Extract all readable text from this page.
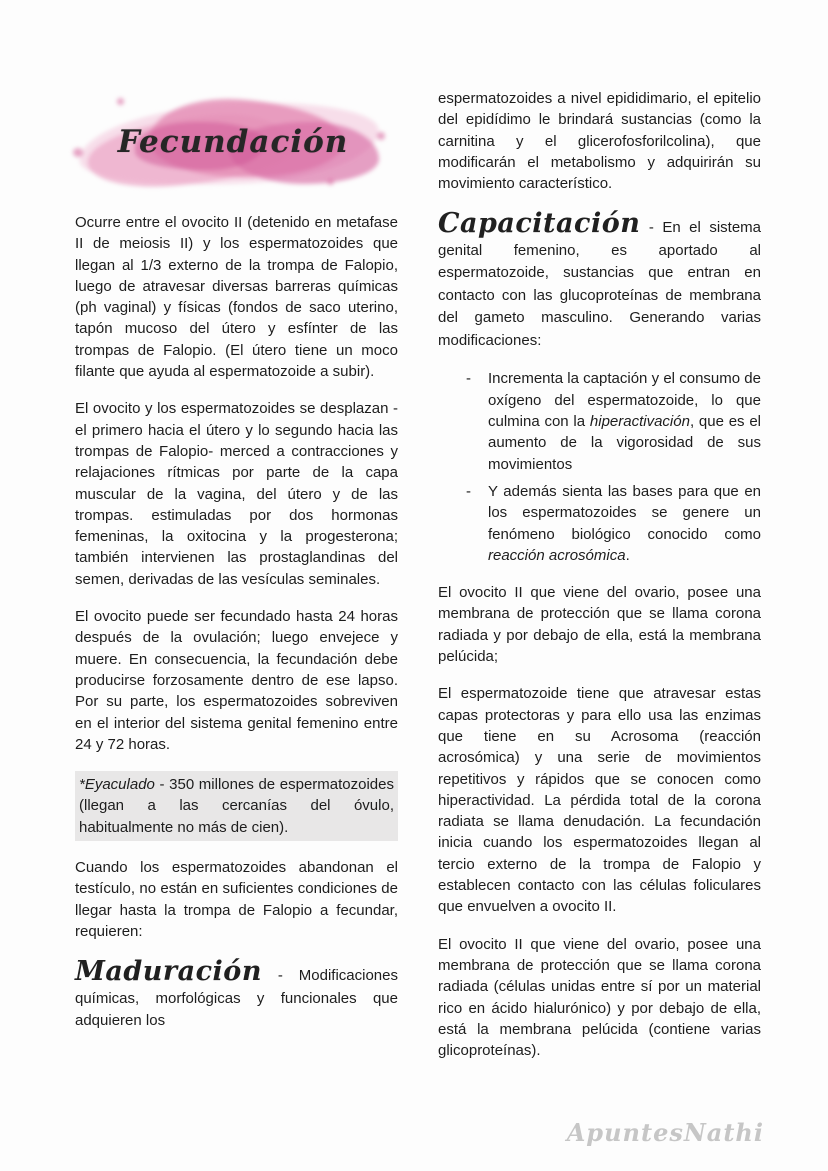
Fecundación

Ocurre entre el ovocito II (detenido en metafase II de meiosis II) y los espermatozoides que llegan al 1/3 externo de la trompa de Falopio, luego de atravesar diversas barreras químicas (ph vaginal) y físicas (fondos de saco uterino, tapón mucoso del útero y esfínter de las trompas de Falopio. (El útero tiene un moco filante que ayuda al espermatozoide a subir).

El ovocito y los espermatozoides se desplazan -el primero hacia el útero y lo segundo hacia las trompas de Falopio- merced a contracciones y relajaciones rítmicas por parte de la capa muscular de la vagina, del útero y de las trompas. estimuladas por dos hormonas femeninas, la oxitocina y la progesterona; también intervienen las prostaglandinas del semen, derivadas de las vesículas seminales.

El ovocito puede ser fecundado hasta 24 horas después de la ovulación; luego envejece y muere. En consecuencia, la fecundación debe producirse forzosamente dentro de ese lapso. Por su parte, los espermatozoides sobreviven en el interior del sistema genital femenino entre 24 y 72 horas.

*Eyaculado - 350 millones de espermatozoides (llegan a las cercanías del óvulo, habitualmente no más de cien).

Cuando los espermatozoides abandonan el testículo, no están en suficientes condiciones de llegar hasta la trompa de Falopio a fecundar, requieren:

Maduración - Modificaciones químicas, morfológicas y funcionales que adquieren los

espermatozoides a nivel epididimario, el epitelio del epidídimo le brindará sustancias (como la carnitina y el glicerofosforilcolina), que modificarán el metabolismo y adquirirán su movimiento característico.

Capacitación - En el sistema genital femenino, es aportado al espermatozoide, sustancias que entran en contacto con las glucoproteínas de membrana del gameto masculino. Generando varias modificaciones:

- Incrementa la captación y el consumo de oxígeno del espermatozoide, lo que culmina con la hiperactivación, que es el aumento de la vigorosidad de sus movimientos
- Y además sienta las bases para que en los espermatozoides se genere un fenómeno biológico conocido como reacción acrosómica.

El ovocito II que viene del ovario, posee una membrana de protección que se llama corona radiada y por debajo de ella, está la membrana pelúcida;

El espermatozoide tiene que atravesar estas capas protectoras y para ello usa las enzimas que tiene en su Acrosoma (reacción acrosómica) y una serie de movimientos repetitivos y rápidos que se conocen como hiperactividad. La pérdida total de la corona radiata se llama denudación. La fecundación inicia cuando los espermatozoides llegan al tercio externo de la trompa de Falopio y establecen contacto con las células foliculares que envuelven a ovocito II.

El ovocito II que viene del ovario, posee una membrana de protección que se llama corona radiada (células unidas entre sí por un material rico en ácido hialurónico) y por debajo de ella, está la membrana pelúcida (contiene varias glicoproteínas).

ApuntesNathi
